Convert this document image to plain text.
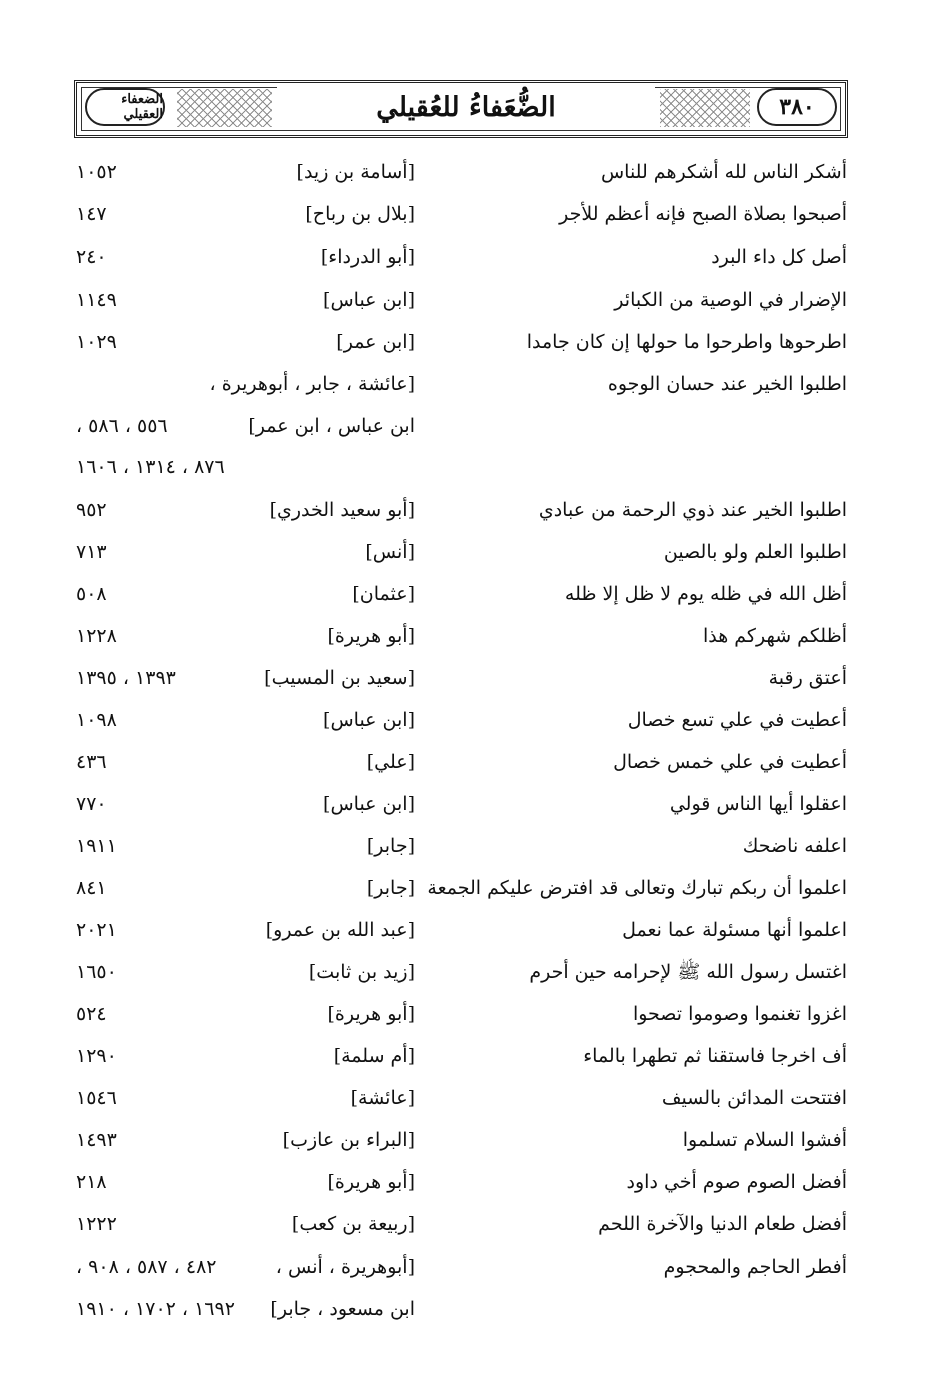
٣٨٠
الضعفاء العقيلي	الضُّعَفاءُ للعُقيلي
أشكر الناس لله أشكرهم للناس
[أسامة بن زيد]
١٠٥٢
أصبحوا بصلاة الصبح فإنه أعظم للأجر
[بلال بن رباح]
١٤٧
أصل كل داء البرد
[أبو الدرداء]
٢٤٠
الإضرار في الوصية من الكبائر
[ابن عباس]
١١٤٩
اطرحوها واطرحوا ما حولها إن كان جامدا
[ابن عمر]
١٠٢٩
اطلبوا الخير عند حسان الوجوه
[عائشة ، جابر ، أبوهريرة ،
ابن عباس ، ابن عمر]
٥٥٦ ، ٥٨٦ ،
٨٧٦ ، ١٣١٤ ، ١٦٠٦
اطلبوا الخير عند ذوي الرحمة من عبادي
[أبو سعيد الخدري]
٩٥٢
اطلبوا العلم ولو بالصين
[أنس]
٧١٣
أظل الله في ظله يوم لا ظل إلا ظله
[عثمان]
٥٠٨
أظلكم شهركم هذا
[أبو هريرة]
١٢٢٨
أعتق رقبة
[سعيد بن المسيب]
١٣٩٣ ، ١٣٩٥
أعطيت في علي تسع خصال
[ابن عباس]
١٠٩٨
أعطيت في علي خمس خصال
[علي]
٤٣٦
اعقلوا أيها الناس قولي
[ابن عباس]
٧٧٠
اعلفه ناضحك
[جابر]
١٩١١
اعلموا أن ربكم تبارك وتعالى قد افترض عليكم الجمعة
[جابر]
٨٤١
اعلموا أنها مسئولة عما نعمل
[عبد الله بن عمرو]
٢٠٢١
اغتسل رسول الله ﷺ لإحرامه حين أحرم
[زيد بن ثابت]
١٦٥٠
اغزوا تغنموا وصوموا تصحوا
[أبو هريرة]
٥٢٤
أف اخرجا فاستقنا ثم تطهرا بالماء
[أم سلمة]
١٢٩٠
افتتحت المدائن بالسيف
[عائشة]
١٥٤٦
أفشوا السلام تسلموا
[البراء بن عازب]
١٤٩٣
أفضل الصوم صوم أخي داود
[أبو هريرة]
٢١٨
أفضل طعام الدنيا والآخرة اللحم
[ربيعة بن كعب]
١٢٢٢
أفطر الحاجم والمحجوم
[أبوهريرة ، أنس ،
٤٨٢ ، ٥٨٧ ، ٩٠٨ ،
ابن مسعود ، جابر]
١٦٩٢ ، ١٧٠٢ ، ١٩١٠
